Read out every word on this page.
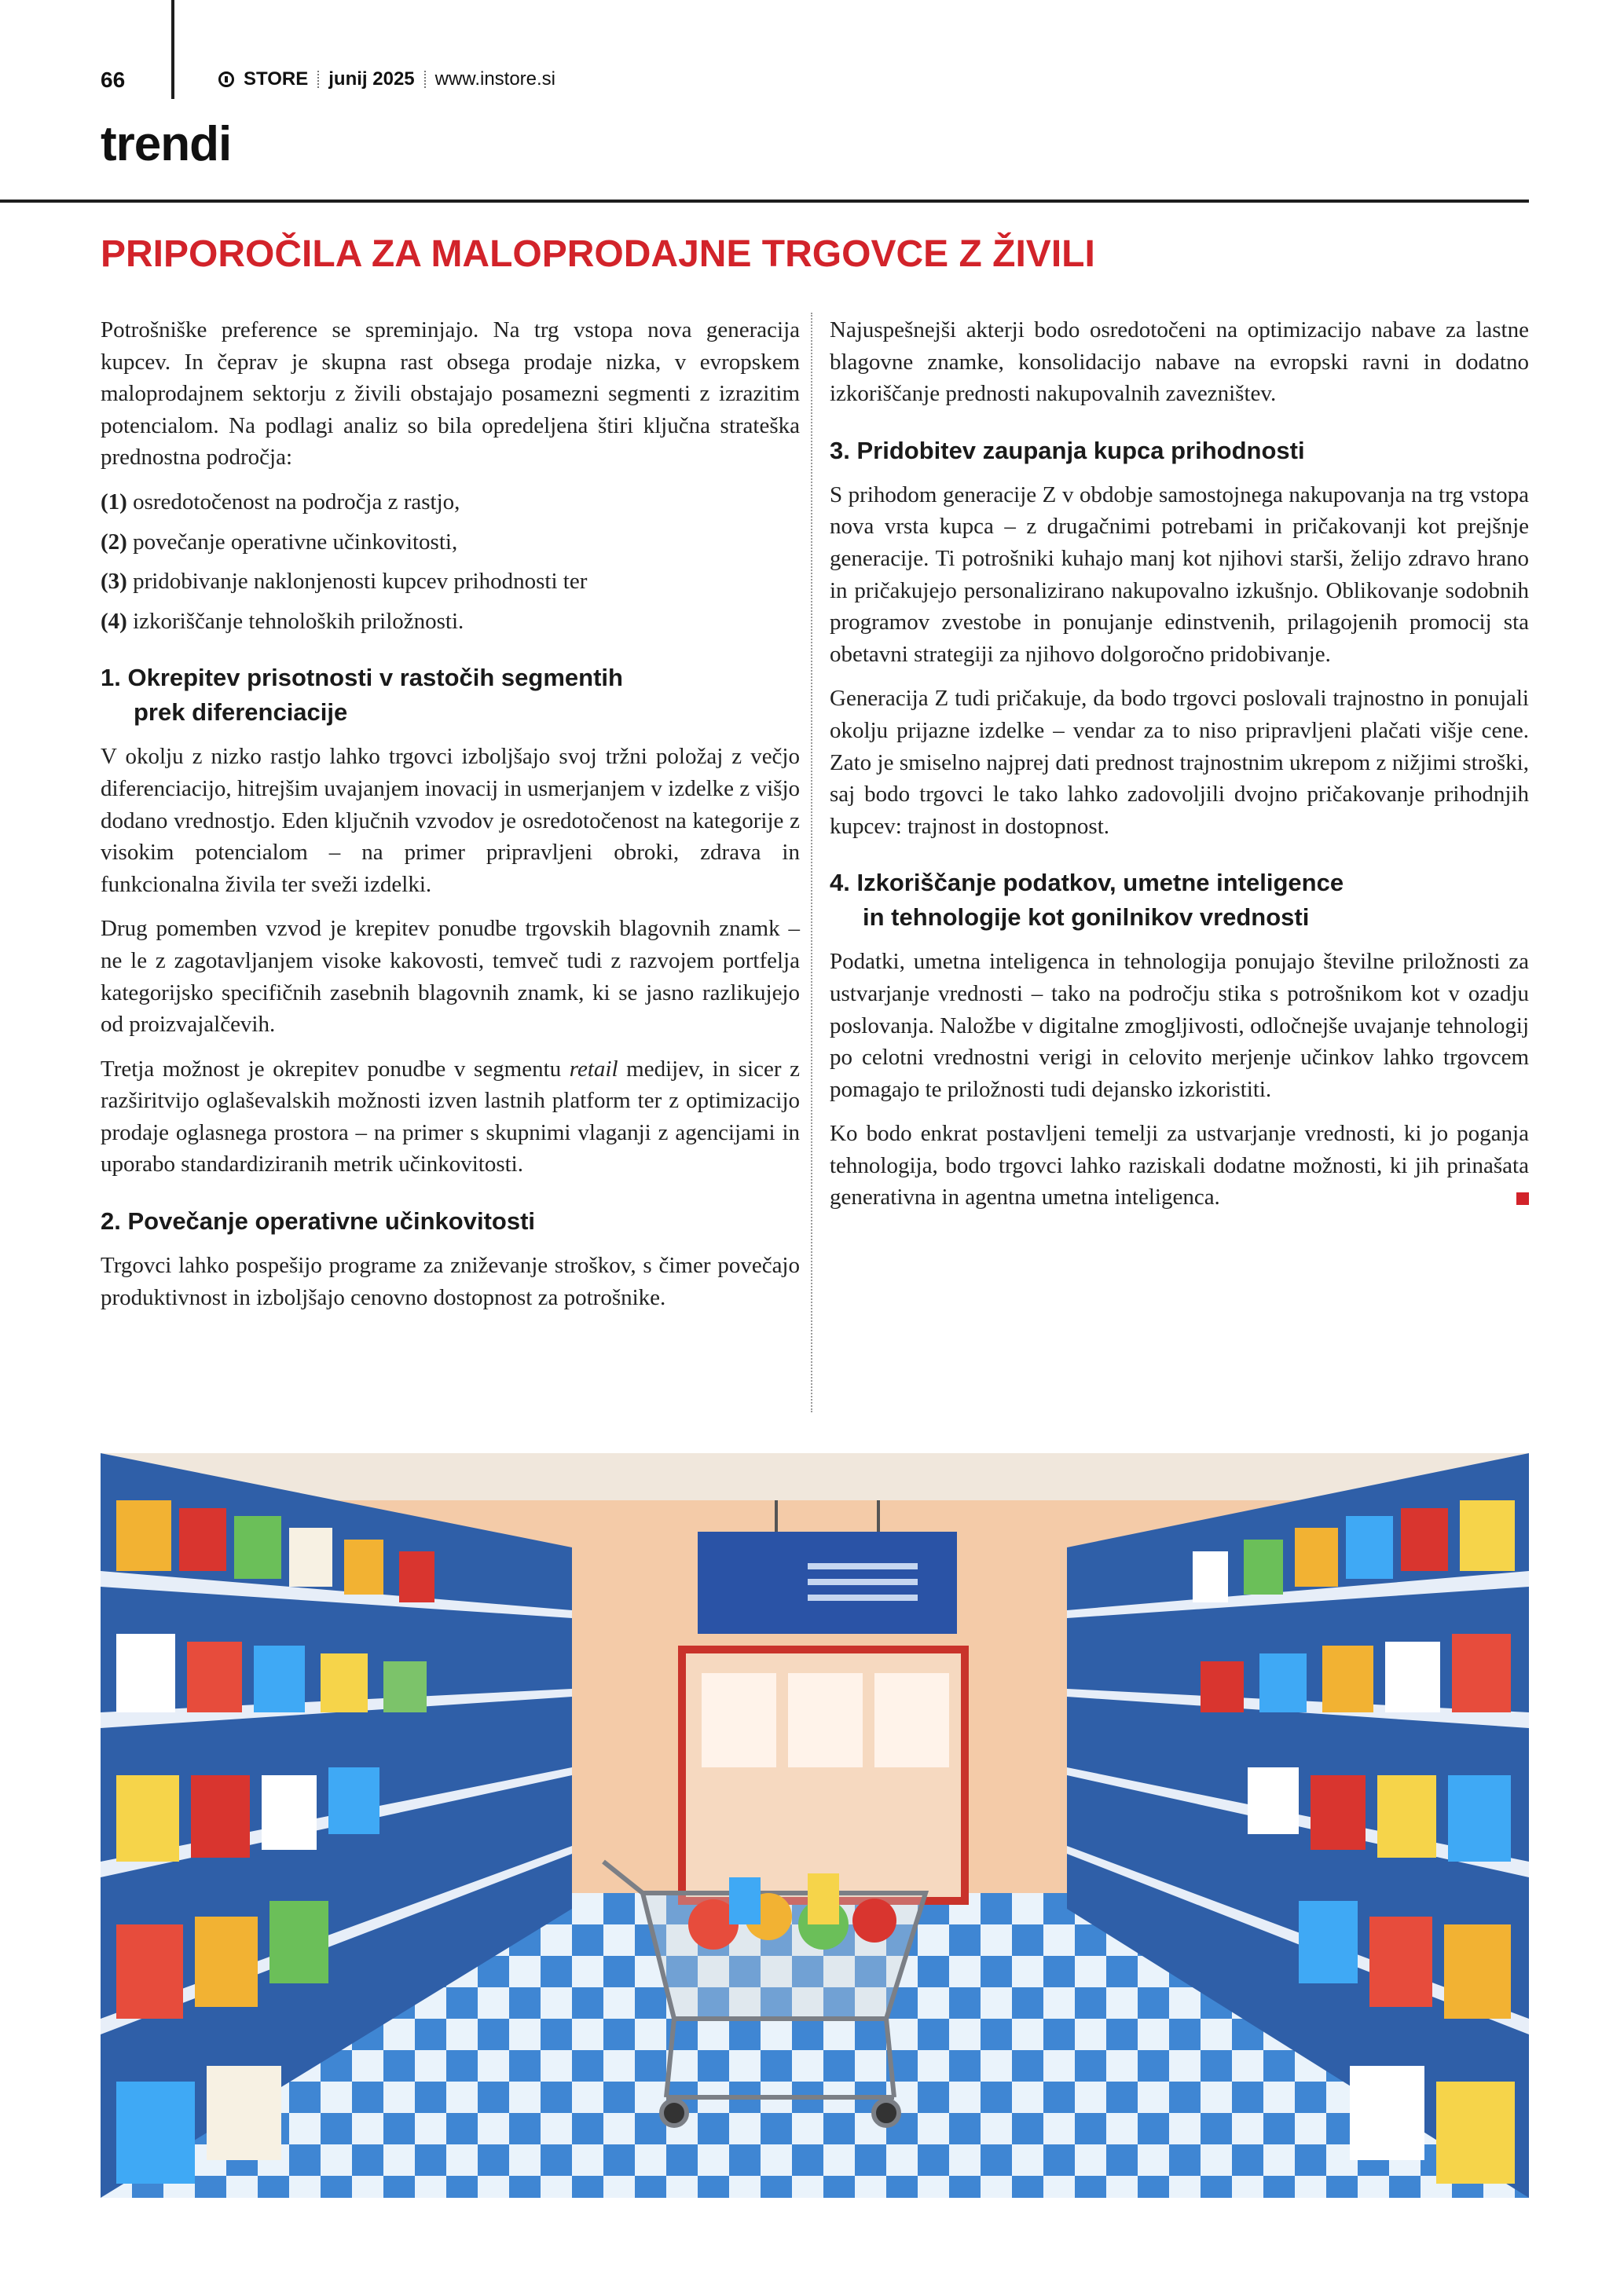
66	STORE junij 2025 www.instore.si
trendi
PRIPOROČILA ZA MALOPRODAJNE TRGOVCE Z ŽIVILI

Potrošniške preference se spreminjajo. Na trg vstopa nova generacija kupcev. In čeprav je skupna rast obsega prodaje nizka, v evropskem maloprodajnem sektorju z živili obstajajo posamezni segmenti z izrazitim potencialom. Na podlagi analiz so bila opredeljena štiri ključna strateška prednostna področja:

(1) osredotočenost na področja z rastjo,
(2) povečanje operativne učinkovitosti,
(3) pridobivanje naklonjenosti kupcev prihodnosti ter
(4) izkoriščanje tehnoloških priložnosti.
1. Okrepitev prisotnosti v rastočih segmentih
prek diferenciacije

V okolju z nizko rastjo lahko trgovci izboljšajo svoj tržni položaj z večjo diferenciacijo, hitrejšim uvajanjem inovacij in usmerjanjem v izdelke z višjo dodano vrednostjo. Eden ključnih vzvodov je osredotočenost na kategorije z visokim potencialom – na primer pripravljeni obroki, zdrava in funkcionalna živila ter sveži izdelki.

Drug pomemben vzvod je krepitev ponudbe trgovskih blagovnih znamk – ne le z zagotavljanjem visoke kakovosti, temveč tudi z razvojem portfelja kategorijsko specifičnih zasebnih blagovnih znamk, ki se jasno razlikujejo od proizvajalčevih.

Tretja možnost je okrepitev ponudbe v segmentu retail medijev, in sicer z razširitvijo oglaševalskih možnosti izven lastnih platform ter z optimizacijo prodaje oglasnega prostora – na primer s skupnimi vlaganji z agencijami in uporabo standardiziranih metrik učinkovitosti.

2. Povečanje operativne učinkovitosti

Trgovci lahko pospešijo programe za zniževanje stroškov, s čimer povečajo produktivnost in izboljšajo cenovno dostopnost za potrošnike.

Najuspešnejši akterji bodo osredotočeni na optimizacijo nabave za lastne blagovne znamke, konsolidacijo nabave na evropski ravni in dodatno izkoriščanje prednosti nakupovalnih zavezništev.

3. Pridobitev zaupanja kupca prihodnosti

S prihodom generacije Z v obdobje samostojnega nakupovanja na trg vstopa nova vrsta kupca – z drugačnimi potrebami in pričakovanji kot prejšnje generacije. Ti potrošniki kuhajo manj kot njihovi starši, želijo zdravo hrano in pričakujejo personalizirano nakupovalno izkušnjo. Oblikovanje sodobnih programov zvestobe in ponujanje edinstvenih, prilagojenih promocij sta obetavni strategiji za njihovo dolgoročno pridobivanje.

Generacija Z tudi pričakuje, da bodo trgovci poslovali trajnostno in ponujali okolju prijazne izdelke – vendar za to niso pripravljeni plačati višje cene. Zato je smiselno najprej dati prednost trajnostnim ukrepom z nižjimi stroški, saj bodo trgovci le tako lahko zadovoljili dvojno pričakovanje prihodnjih kupcev: trajnost in dostopnost.

4. Izkoriščanje podatkov, umetne inteligence
in tehnologije kot gonilnikov vrednosti

Podatki, umetna inteligenca in tehnologija ponujajo številne priložnosti za ustvarjanje vrednosti – tako na področju stika s potrošnikom kot v ozadju poslovanja. Naložbe v digitalne zmogljivosti, odločnejše uvajanje tehnologij po celotni vrednostni verigi in celovito merjenje učinkov lahko trgovcem pomagajo te priložnosti tudi dejansko izkoristiti.

Ko bodo enkrat postavljeni temelji za ustvarjanje vrednosti, ki jo poganja tehnologija, bodo trgovci lahko raziskali dodatne možnosti, ki jih prinašata generativna in agentna umetna inteligenca.
